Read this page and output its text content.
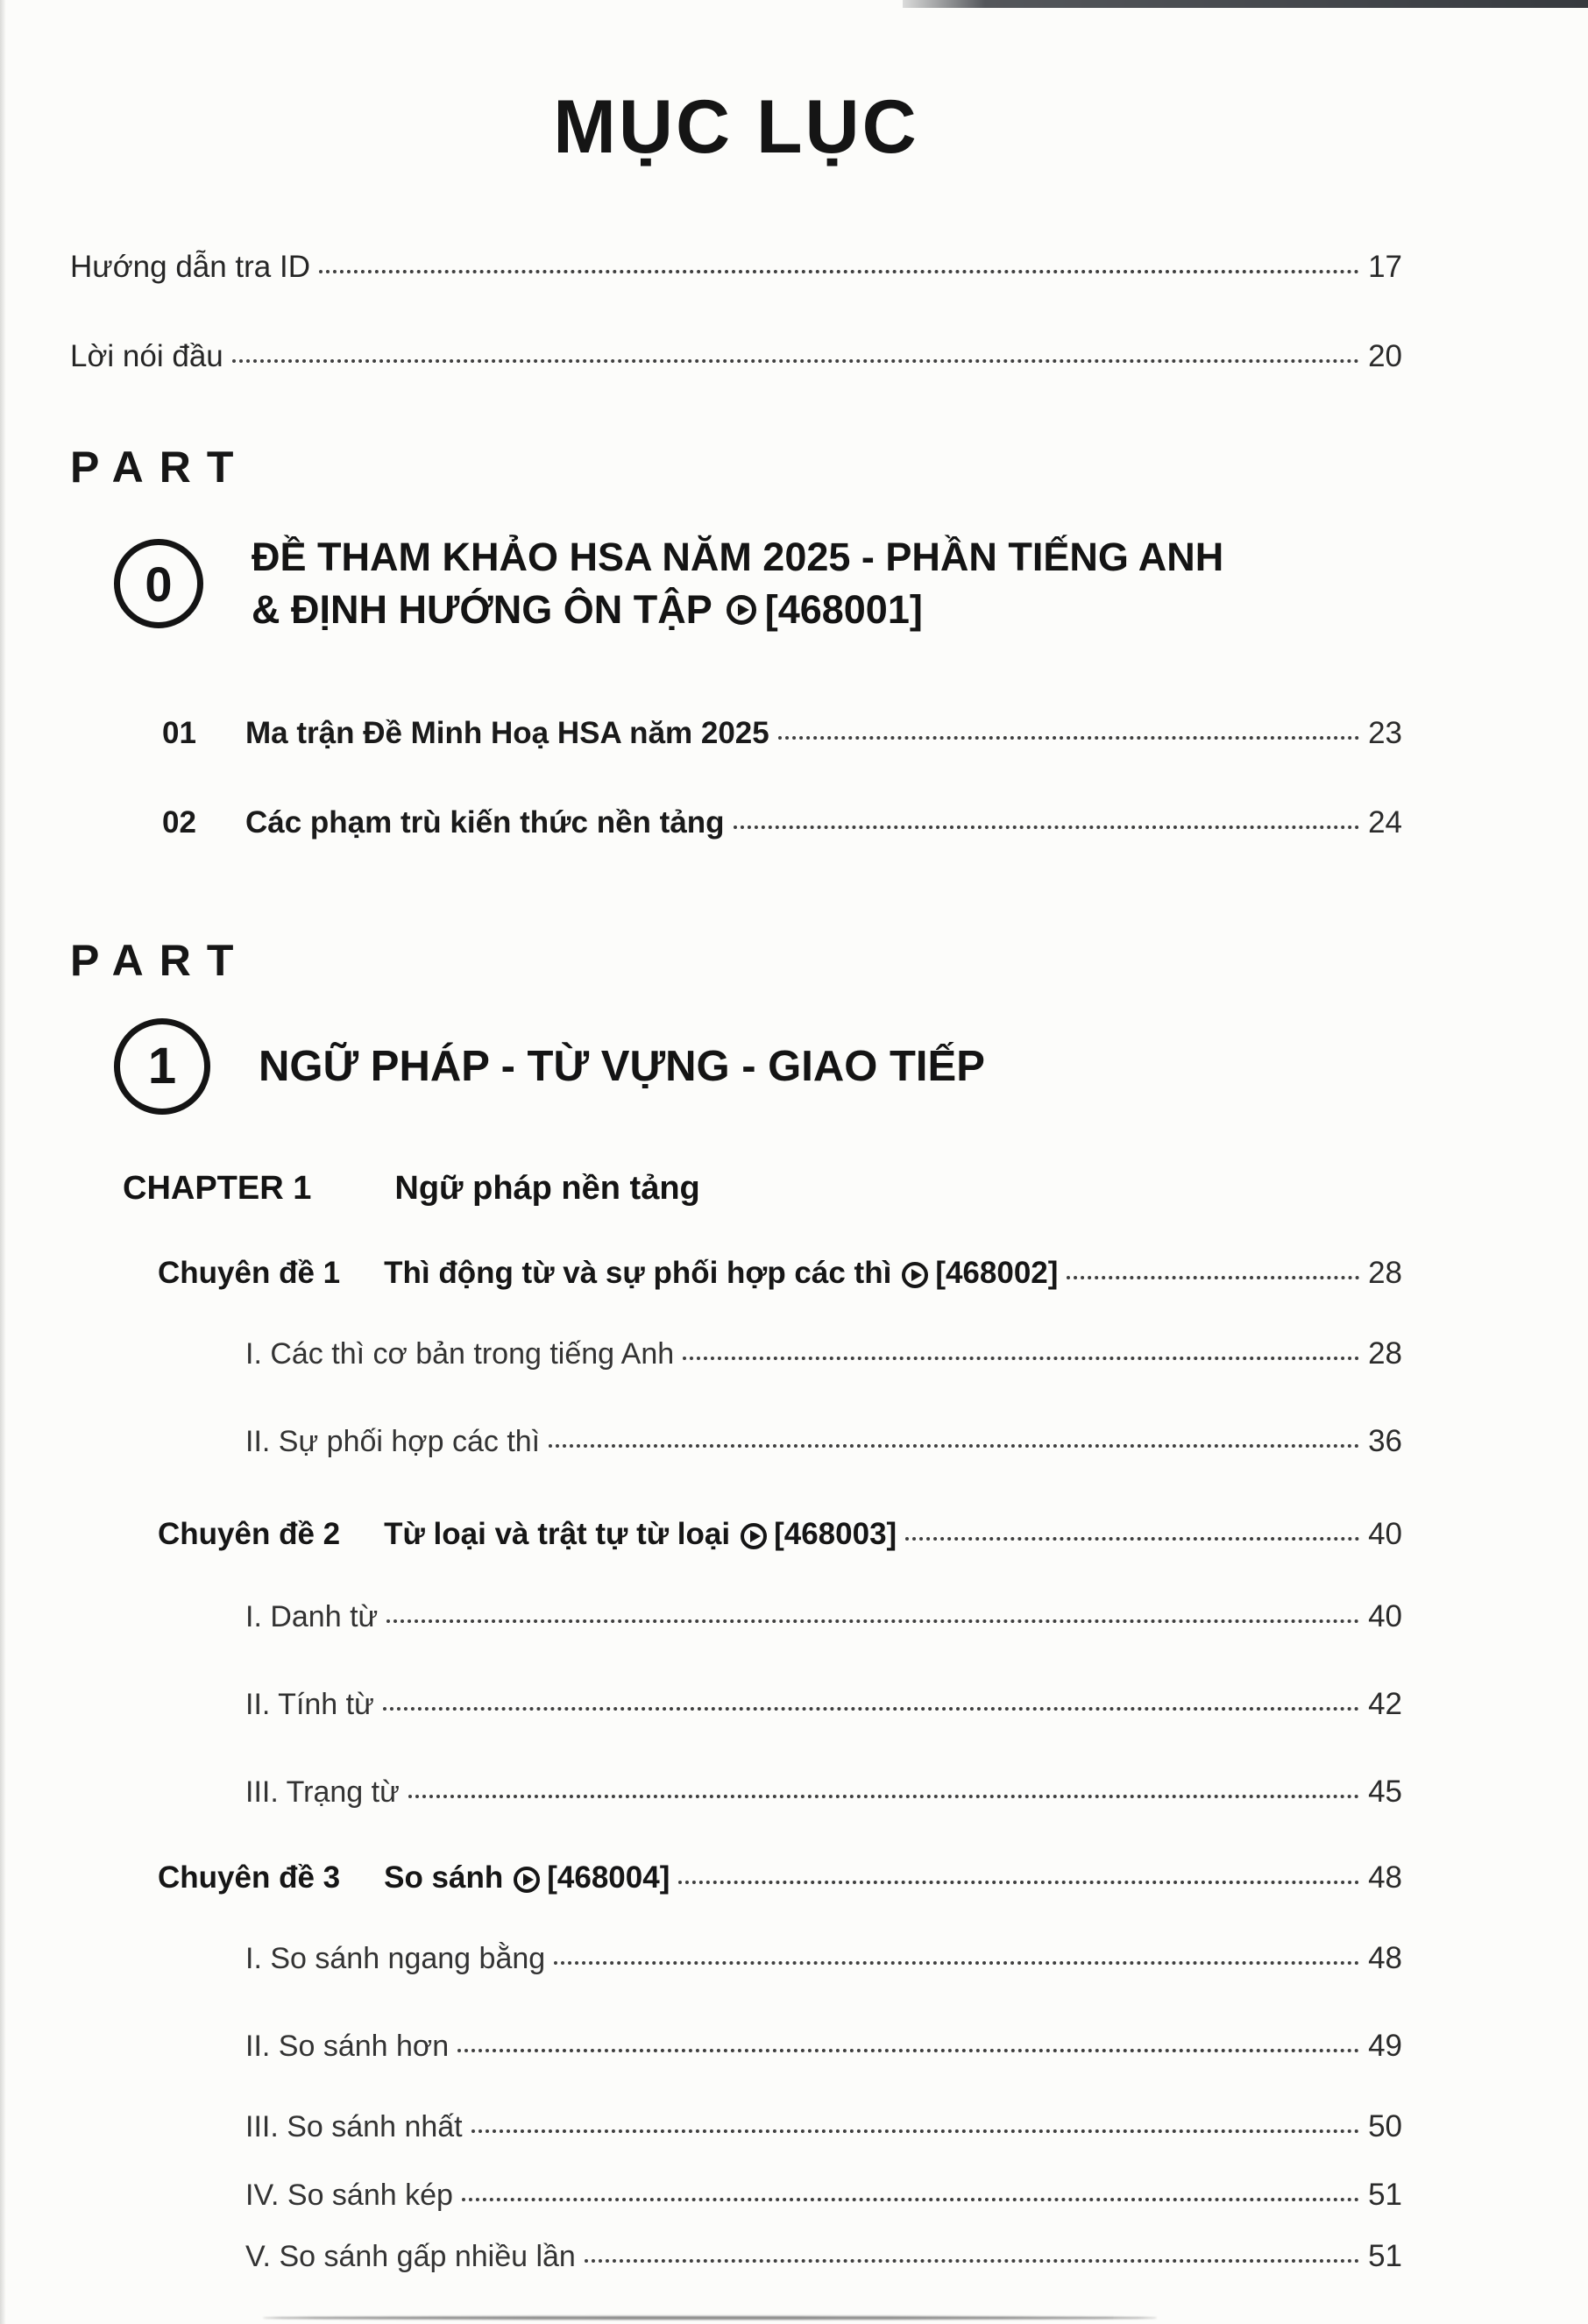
MỤC LỤC
Hướng dẫn tra ID	17
Lời nói đầu	20
PART
0 ĐỀ THAM KHẢO HSA NĂM 2025 - PHẦN TIẾNG ANH
& ĐỊNH HƯỚNG ÔN TẬP [468001]
01	Ma trận Đề Minh Hoạ HSA năm 2025	23
02	Các phạm trù kiến thức nền tảng	24
PART
1 NGỮ PHÁP - TỪ VỰNG - GIAO TIẾP
CHAPTER 1	Ngữ pháp nền tảng
Chuyên đề 1 Thì động từ và sự phối hợp các thì [468002]	28
I. Các thì cơ bản trong tiếng Anh	28
II. Sự phối hợp các thì	36
Chuyên đề 2 Từ loại và trật tự từ loại [468003]	40
I. Danh từ	40
II. Tính từ	42
III. Trạng từ	45
Chuyên đề 3 So sánh [468004]	48
I. So sánh ngang bằng	48
II. So sánh hơn	49
III. So sánh nhất	50
IV. So sánh kép	51
V. So sánh gấp nhiều lần	51
